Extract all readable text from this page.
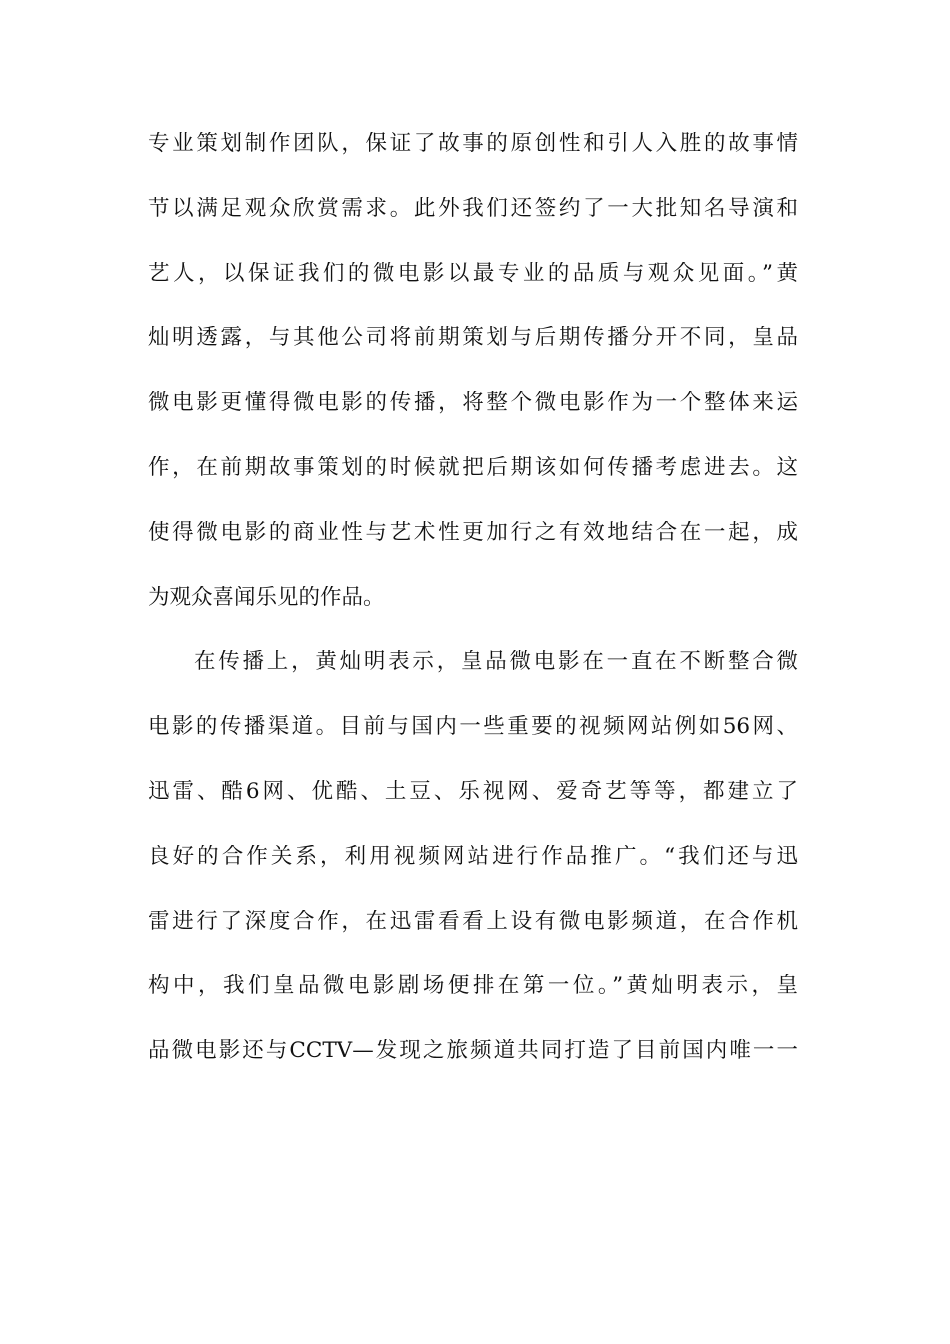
专业策划制作团队，保证了故事的原创性和引人入胜的故事情
节以满足观众欣赏需求。此外我们还签约了一大批知名导演和
艺人，以保证我们的微电影以最专业的品质与观众见面。”黄
灿明透露，与其他公司将前期策划与后期传播分开不同，皇品
微电影更懂得微电影的传播，将整个微电影作为一个整体来运
作，在前期故事策划的时候就把后期该如何传播考虑进去。这
使得微电影的商业性与艺术性更加行之有效地结合在一起，成
为观众喜闻乐见的作品。
在传播上，黄灿明表示，皇品微电影在一直在不断整合微
电影的传播渠道。目前与国内一些重要的视频网站例如56网、
迅雷、酷6网、优酷、土豆、乐视网、爱奇艺等等，都建立了
良好的合作关系，利用视频网站进行作品推广。“我们还与迅
雷进行了深度合作，在迅雷看看上设有微电影频道，在合作机
构中，我们皇品微电影剧场便排在第一位。”黄灿明表示，皇
品微电影还与CCTV—发现之旅频道共同打造了目前国内唯一一
